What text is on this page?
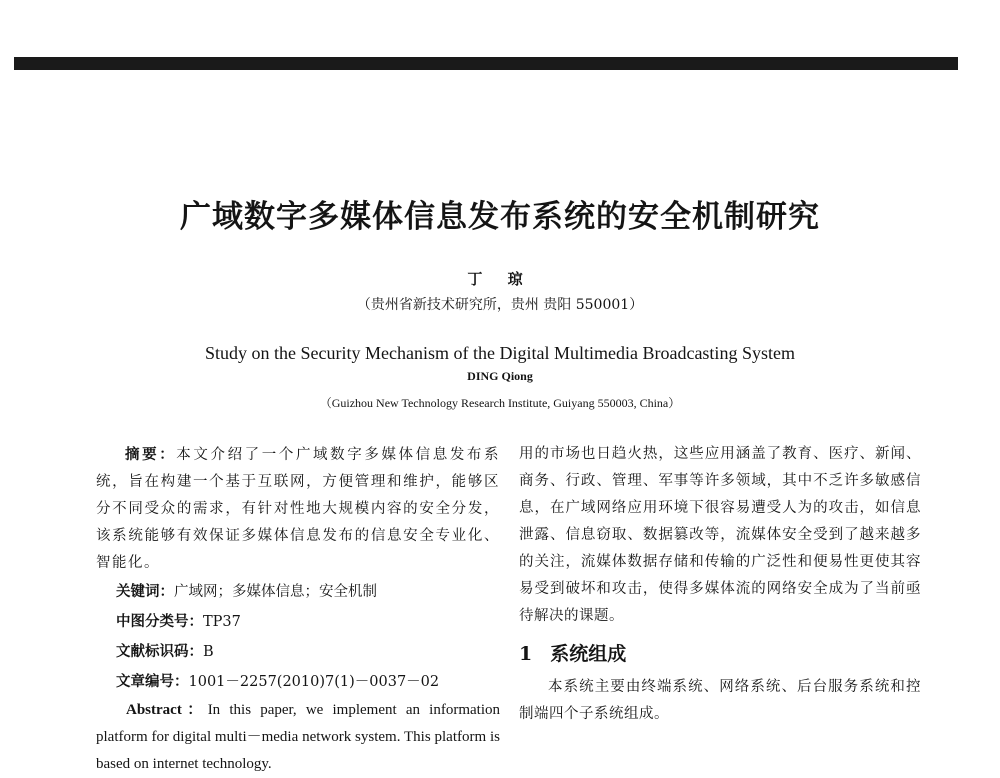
广域数字多媒体信息发布系统的安全机制研究

丁 琼

（贵州省新技术研究所，贵州 贵阳 550001）

Study on the Security Mechanism of the Digital Multimedia Broadcasting System

DING Qiong

（Guizhou New Technology Research Institute, Guiyang 550003, China）

摘要：本文介绍了一个广域数字多媒体信息发布系统，旨在构建一个基于互联网，方便管理和维护，能够区分不同受众的需求，有针对性地大规模内容的安全分发，该系统能够有效保证多媒体信息发布的信息安全专业化、智能化。

关键词：广域网；多媒体信息；安全机制

中图分类号：TP37

文献标识码：B

文章编号：1001－2257(2010)7(1)－0037－02

Abstract：In this paper, we implement an information platform for digital multi－media network system. This platform is based on internet technology.

用的市场也日趋火热，这些应用涵盖了教育、医疗、新闻、商务、行政、管理、军事等许多领域，其中不乏许多敏感信息，在广域网络应用环境下很容易遭受人为的攻击，如信息泄露、信息窃取、数据篡改等，流媒体安全受到了越来越多的关注，流媒体数据存储和传输的广泛性和便易性更使其容易受到破坏和攻击，使得多媒体流的网络安全成为了当前亟待解决的课题。

1 系统组成

本系统主要由终端系统、网络系统、后台服务系统和控制端四个子系统组成。
